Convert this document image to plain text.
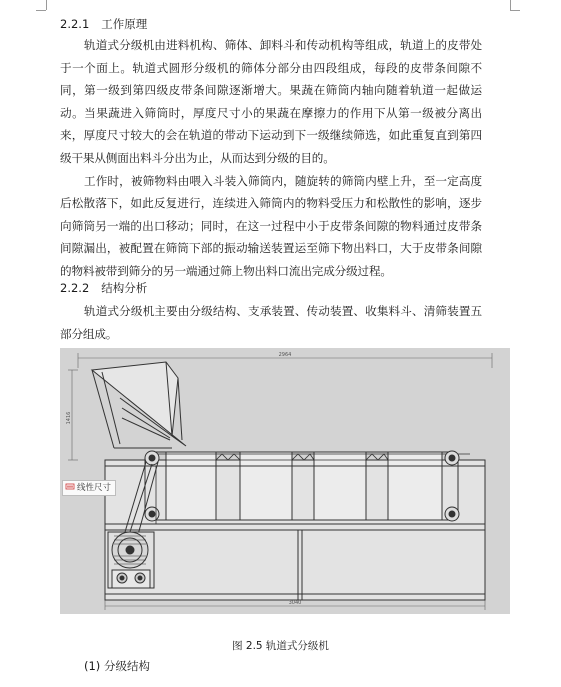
2.2.1 工作原理

轨道式分级机由进料机构、筛体、卸料斗和传动机构等组成，轨道上的皮带处于一个面上。轨道式圆形分级机的筛体分部分由四段组成，每段的皮带条间隙不同，第一级到第四级皮带条间隙逐渐增大。果蔬在筛筒内轴向随着轨道一起做运动。当果蔬进入筛筒时，厚度尺寸小的果蔬在摩擦力的作用下从第一级被分离出来，厚度尺寸较大的会在轨道的带动下运动到下一级继续筛选，如此重复直到第四级干果从侧面出料斗分出为止，从而达到分级的目的。

工作时，被筛物料由喂入斗装入筛筒内，随旋转的筛筒内壁上升，至一定高度后松散落下，如此反复进行，连续进入筛筒内的物料受压力和松散性的影响，逐步向筛筒另一端的出口移动；同时，在这一过程中小于皮带条间隙的物料通过皮带条间隙漏出，被配置在筛筒下部的振动输送装置运至筛下物出料口，大于皮带条间隙的物料被带到筛分的另一端通过筛上物出料口流出完成分级过程。

2.2.2 结构分析

轨道式分级机主要由分级结构、支承装置、传动装置、收集料斗、清筛装置五部分组成。

2964
1416
3040
线性尺寸
图 2.5 轨道式分级机
(1) 分级结构
